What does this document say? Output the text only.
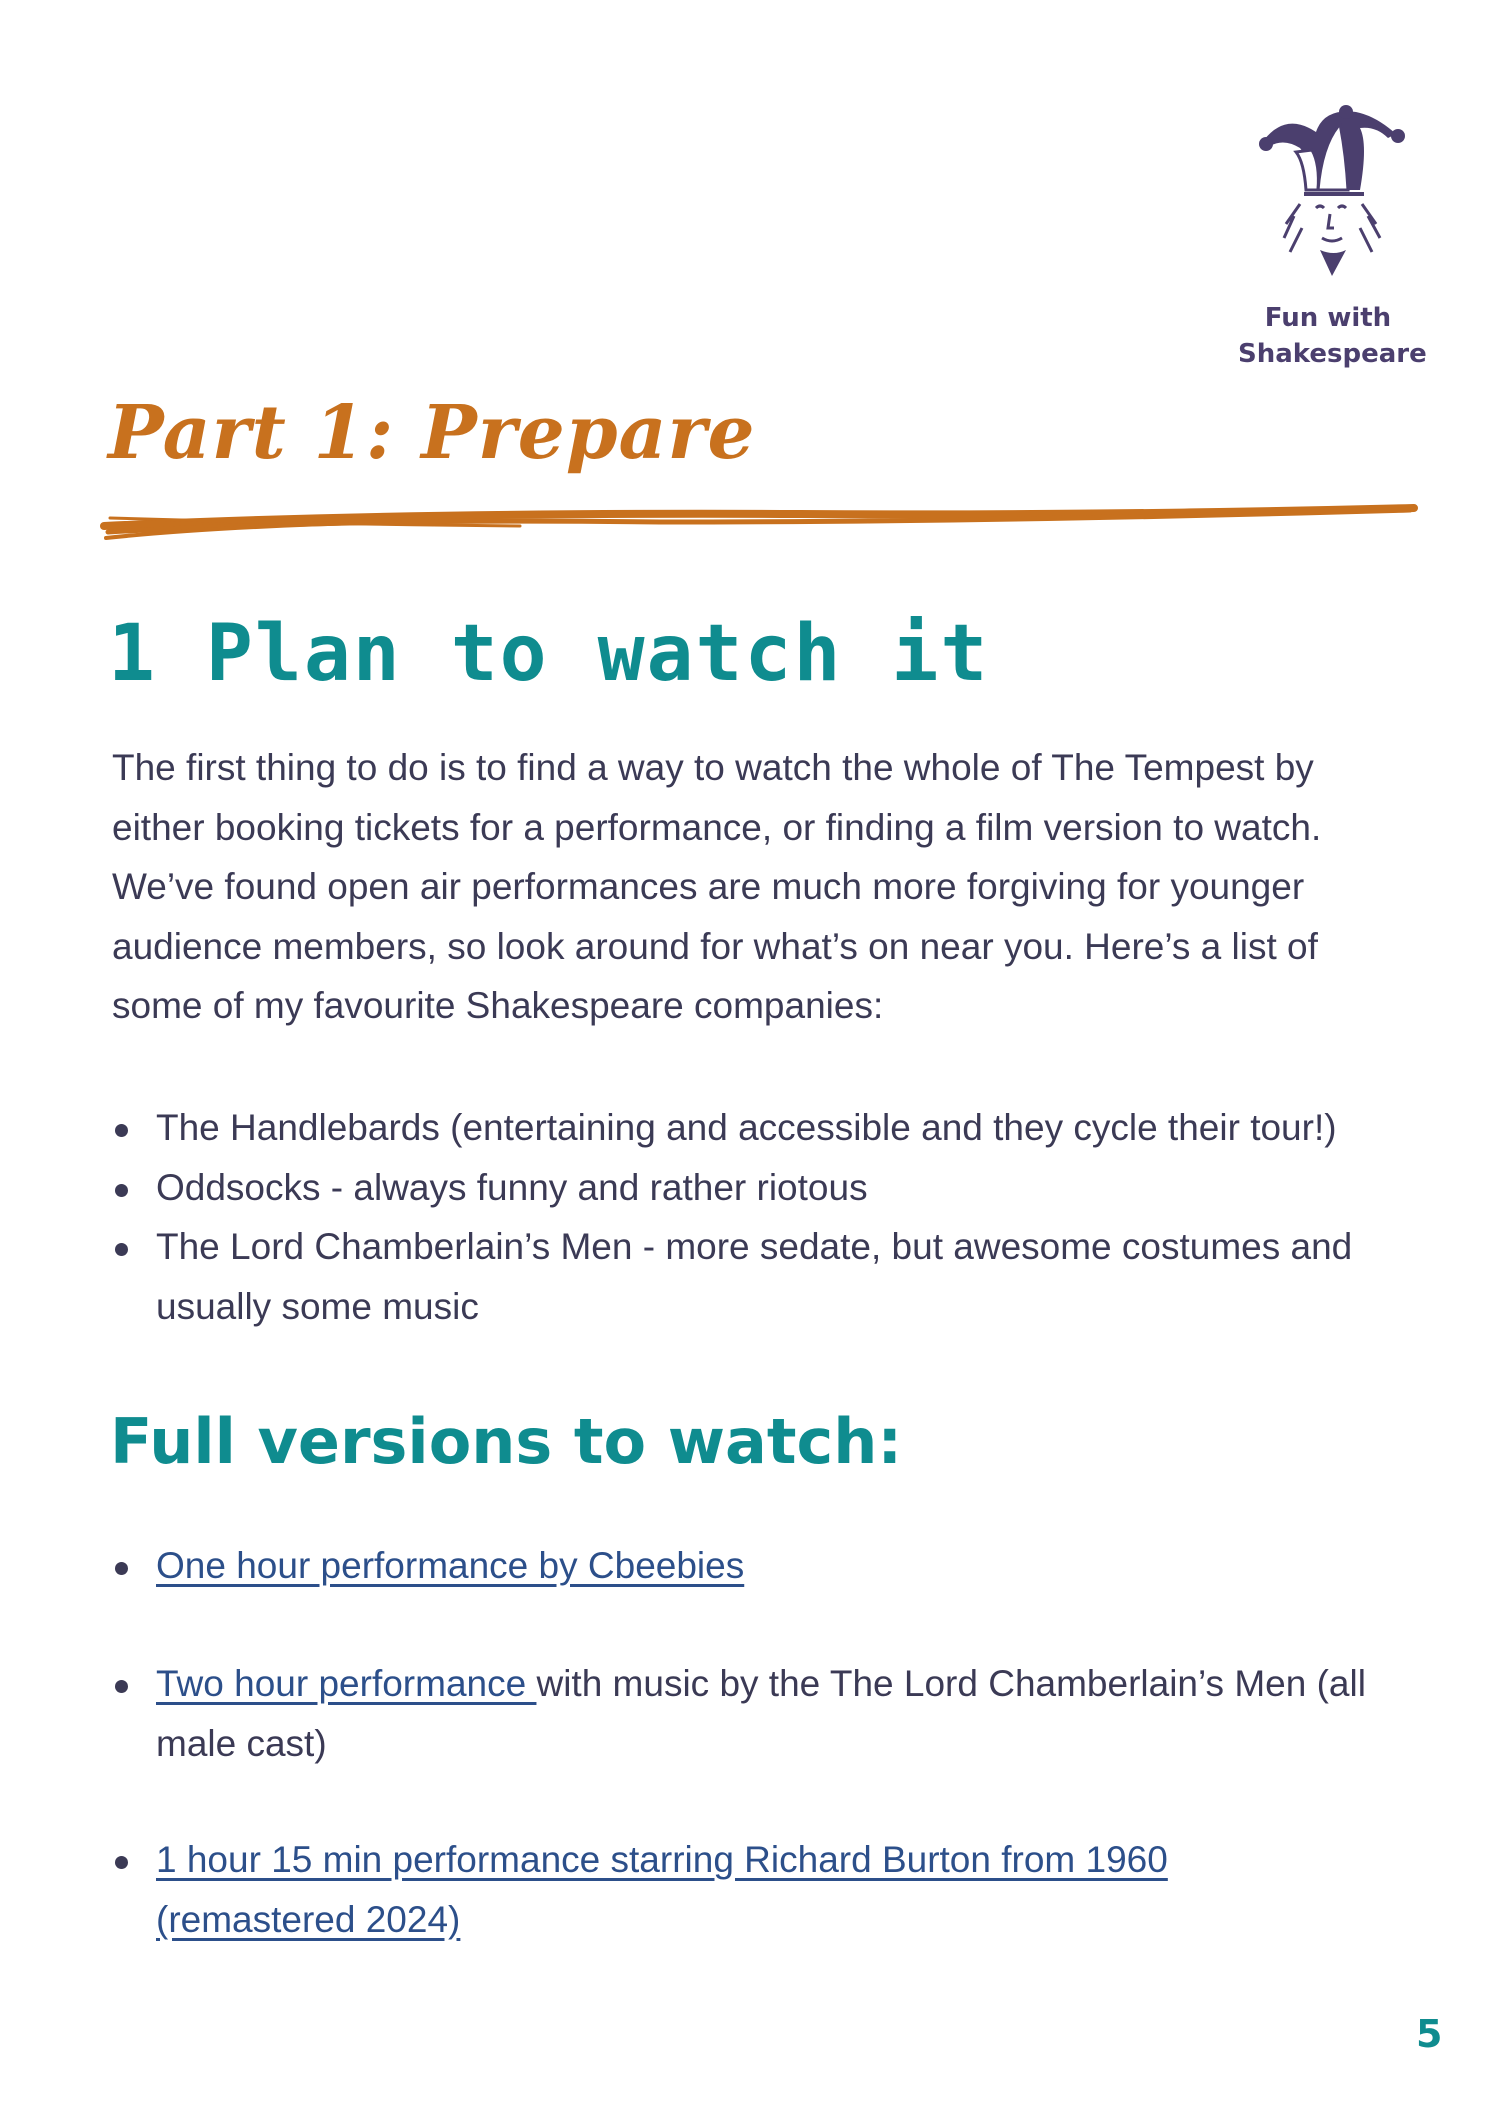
Fun with
Shakespeare
Part 1: Prepare
1 Plan to watch it

The first thing to do is to find a way to watch the whole of The Tempest by either booking tickets for a performance, or finding a film version to watch. We’ve found open air performances are much more forgiving for younger audience members, so look around for what’s on near you. Here’s a list of some of my favourite Shakespeare companies:

The Handlebards (entertaining and accessible and they cycle their tour!)
Oddsocks - always funny and rather riotous
The Lord Chamberlain’s Men - more sedate, but awesome costumes and usually some music
Full versions to watch:
One hour performance by Cbeebies
Two hour performance with music by the The Lord Chamberlain’s Men (all male cast)
1 hour 15 min performance starring Richard Burton from 1960 (remastered 2024)
5
